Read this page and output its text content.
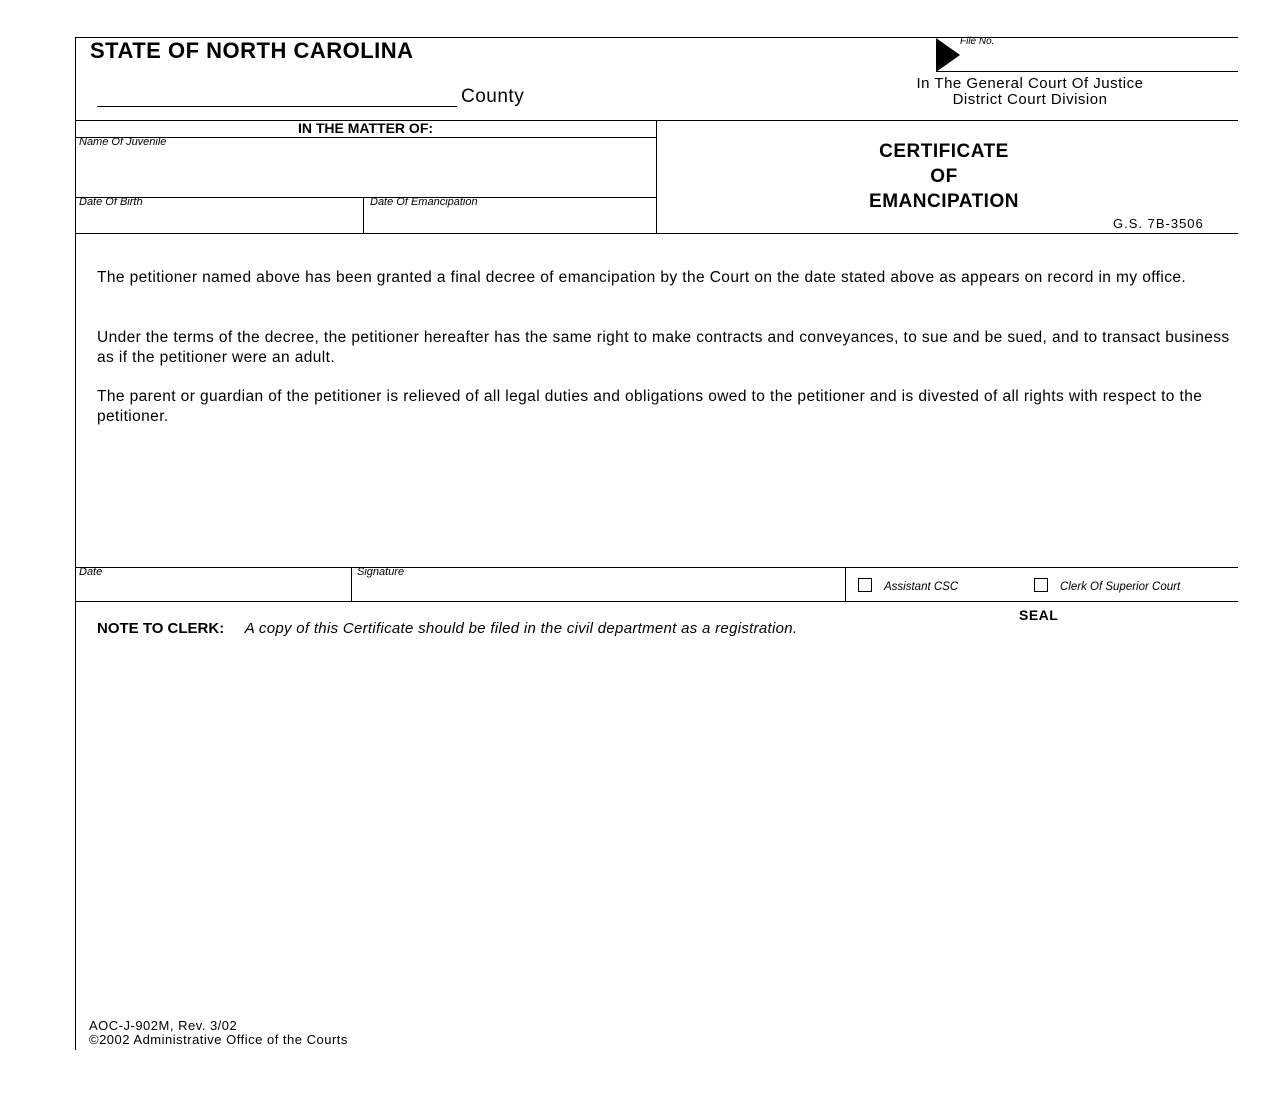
STATE OF NORTH CAROLINA
County
File No.
In The General Court Of Justice
District Court Division
IN THE MATTER OF:
Name Of Juvenile
Date Of Birth	Date Of Emancipation
CERTIFICATE
OF
EMANCIPATION
G.S. 7B-3506
The petitioner named above has been granted a final decree of emancipation by the Court on the date stated above as appears on record in my office.
Under the terms of the decree, the petitioner hereafter has the same right to make contracts and conveyances, to sue and be sued, and to transact business as if the petitioner were an adult.
The parent or guardian of the petitioner is relieved of all legal duties and obligations owed to the petitioner and is divested of all rights with respect to the petitioner.
Date	Signature
Assistant CSC	Clerk Of Superior Court
SEAL
NOTE TO CLERK: A copy of this Certificate should be filed in the civil department as a registration.
AOC-J-902M, Rev. 3/02
©2002 Administrative Office of the Courts
